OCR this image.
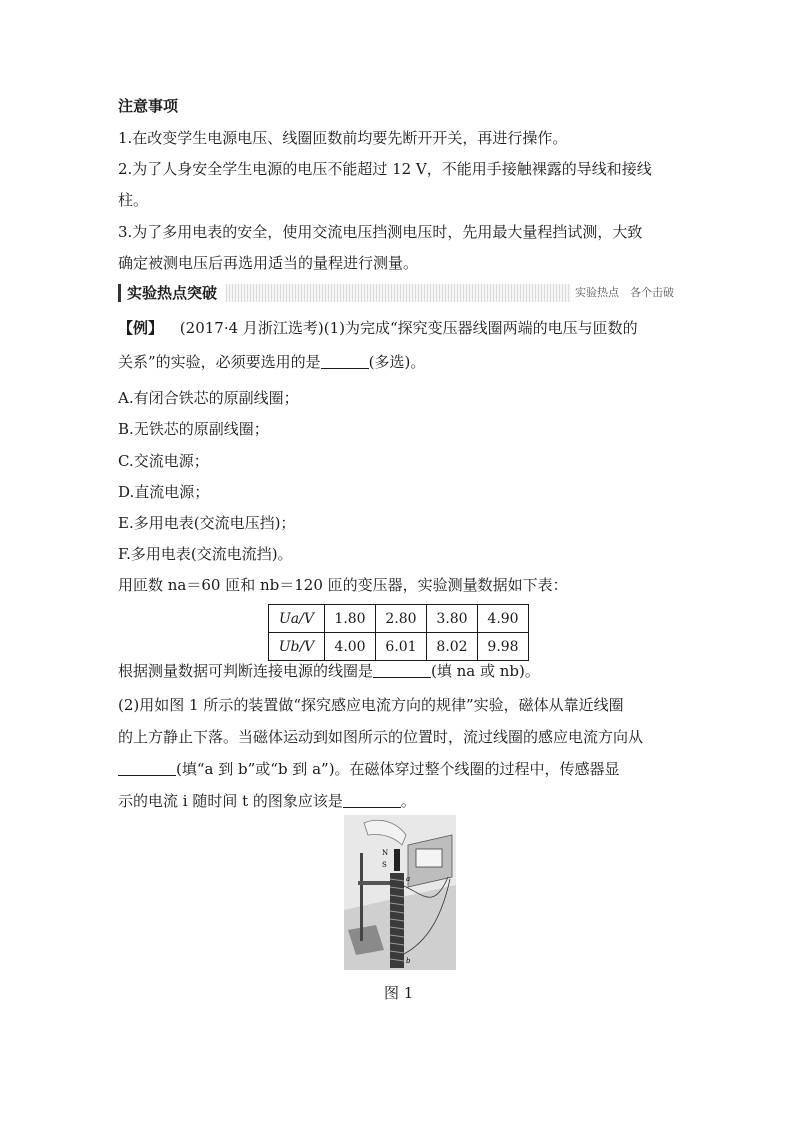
注意事项
1.在改变学生电源电压、线圈匝数前均要先断开开关，再进行操作。
2.为了人身安全学生电源的电压不能超过 12 V，不能用手接触裸露的导线和接线
柱。
3.为了多用电表的安全，使用交流电压挡测电压时，先用最大量程挡试测，大致
确定被测电压后再选用适当的量程进行测量。
实验热点突破	实验热点　各个击破
【例】 (2017·4 月浙江选考)(1)为完成“探究变压器线圈两端的电压与匝数的
关系”的实验，必须要选用的是	(多选)。
A.有闭合铁芯的原副线圈；
B.无铁芯的原副线圈；
C.交流电源；
D.直流电源；
E.多用电表(交流电压挡)；
F.多用电表(交流电流挡)。
用匝数 na＝60 匝和 nb＝120 匝的变压器，实验测量数据如下表：
Ua/V	1.80	2.80	3.80	4.90
Ub/V	4.00	6.01	8.02	9.98
根据测量数据可判断连接电源的线圈是	(填 na 或 nb)。
(2)用如图 1 所示的装置做“探究感应电流方向的规律”实验，磁体从靠近线圈
的上方静止下落。当磁体运动到如图所示的位置时，流过线圈的感应电流方向从
(填“a 到 b”或“b 到 a”)。在磁体穿过整个线圈的过程中，传感器显
示的电流 i 随时间 t 的图象应该是	。
N
S
a
b
图 1
